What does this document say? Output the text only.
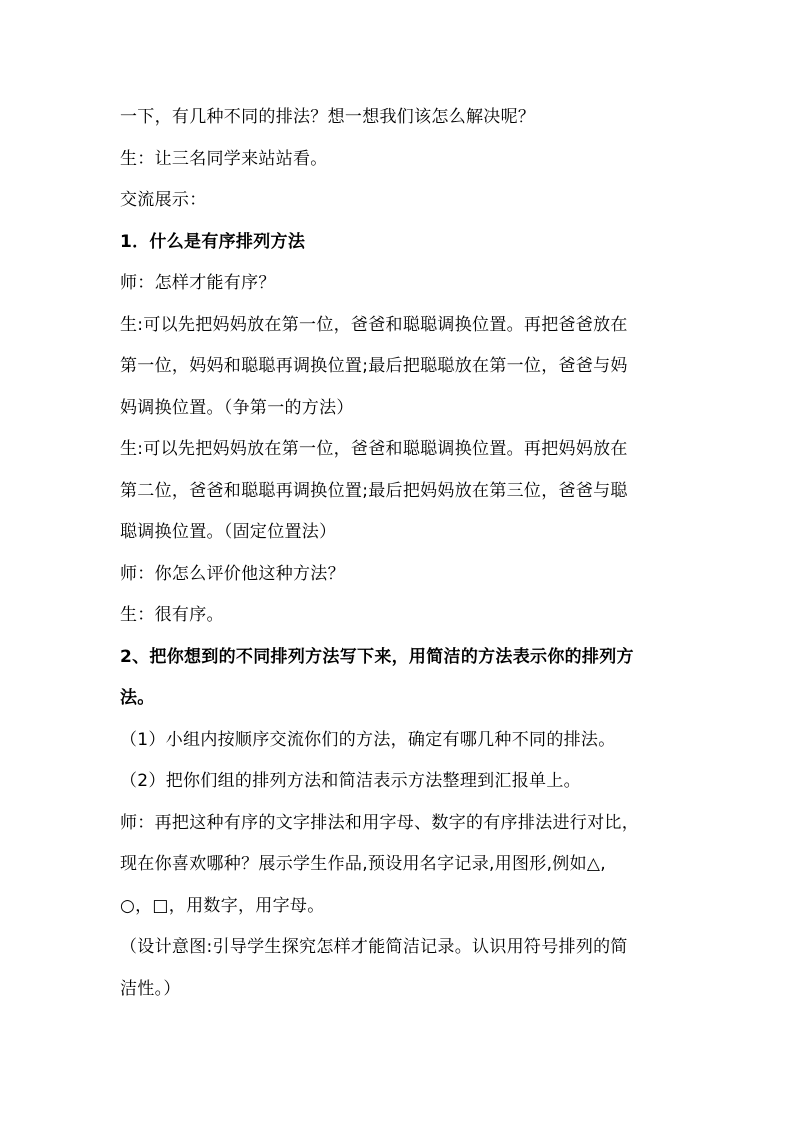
一下，有几种不同的排法？想一想我们该怎么解决呢？
生：让三名同学来站站看。
交流展示：
1．什么是有序排列方法
师：怎样才能有序？
生:可以先把妈妈放在第一位，爸爸和聪聪调换位置。再把爸爸放在
第一位，妈妈和聪聪再调换位置;最后把聪聪放在第一位，爸爸与妈
妈调换位置。（争第一的方法）
生:可以先把妈妈放在第一位，爸爸和聪聪调换位置。再把妈妈放在
第二位，爸爸和聪聪再调换位置;最后把妈妈放在第三位，爸爸与聪
聪调换位置。（固定位置法）
师：你怎么评价他这种方法？
生：很有序。
2、把你想到的不同排列方法写下来，用简洁的方法表示你的排列方
法。
（1）小组内按顺序交流你们的方法，确定有哪几种不同的排法。
（2）把你们组的排列方法和简洁表示方法整理到汇报单上。
师：再把这种有序的文字排法和用字母、数字的有序排法进行对比，
现在你喜欢哪种？展示学生作品,预设用名字记录,用图形,例如△,
○，□，用数字，用字母。
（设计意图:引导学生探究怎样才能简洁记录。认识用符号排列的简
洁性。）
